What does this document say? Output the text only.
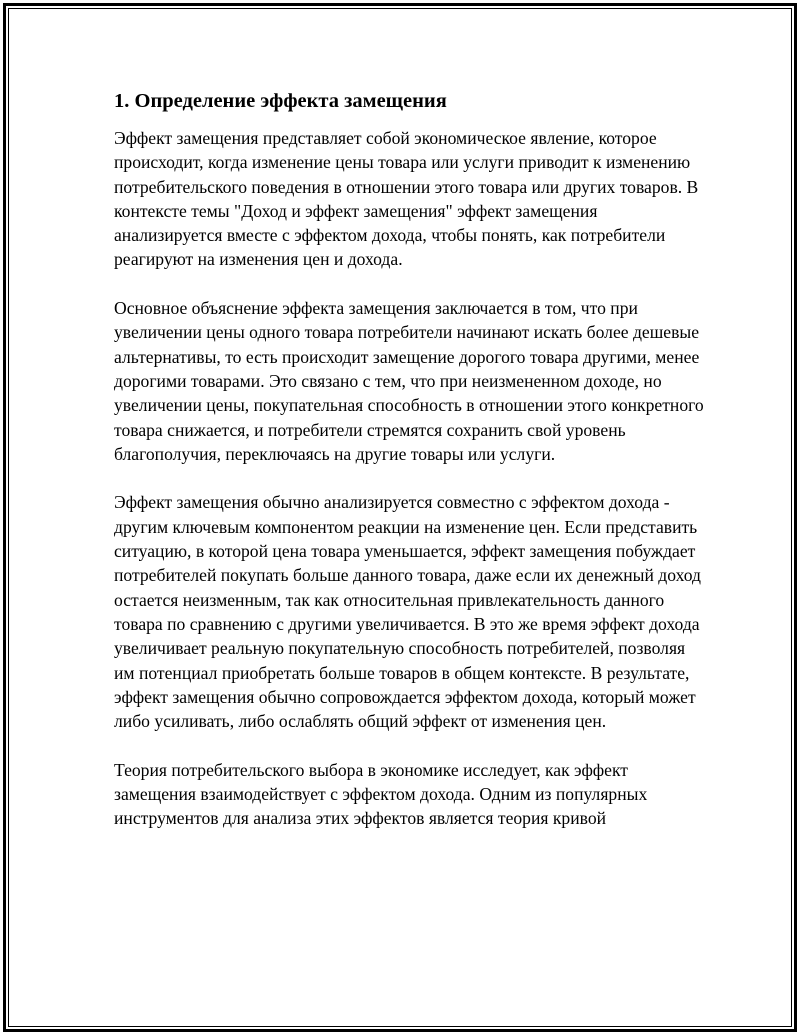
1. Определение эффекта замещения

Эффект замещения представляет собой экономическое явление, которое происходит, когда изменение цены товара или услуги приводит к изменению потребительского поведения в отношении этого товара или других товаров. В контексте темы "Доход и эффект замещения" эффект замещения анализируется вместе с эффектом дохода, чтобы понять, как потребители реагируют на изменения цен и дохода.

Основное объяснение эффекта замещения заключается в том, что при увеличении цены одного товара потребители начинают искать более дешевые альтернативы, то есть происходит замещение дорогого товара другими, менее дорогими товарами. Это связано с тем, что при неизмененном доходе, но увеличении цены, покупательная способность в отношении этого конкретного товара снижается, и потребители стремятся сохранить свой уровень благополучия, переключаясь на другие товары или услуги.

Эффект замещения обычно анализируется совместно с эффектом дохода - другим ключевым компонентом реакции на изменение цен. Если представить ситуацию, в которой цена товара уменьшается, эффект замещения побуждает потребителей покупать больше данного товара, даже если их денежный доход остается неизменным, так как относительная привлекательность данного товара по сравнению с другими увеличивается. В это же время эффект дохода увеличивает реальную покупательную способность потребителей, позволяя им потенциал приобретать больше товаров в общем контексте. В результате, эффект замещения обычно сопровождается эффектом дохода, который может либо усиливать, либо ослаблять общий эффект от изменения цен.

Теория потребительского выбора в экономике исследует, как эффект замещения взаимодействует с эффектом дохода. Одним из популярных инструментов для анализа этих эффектов является теория кривой
